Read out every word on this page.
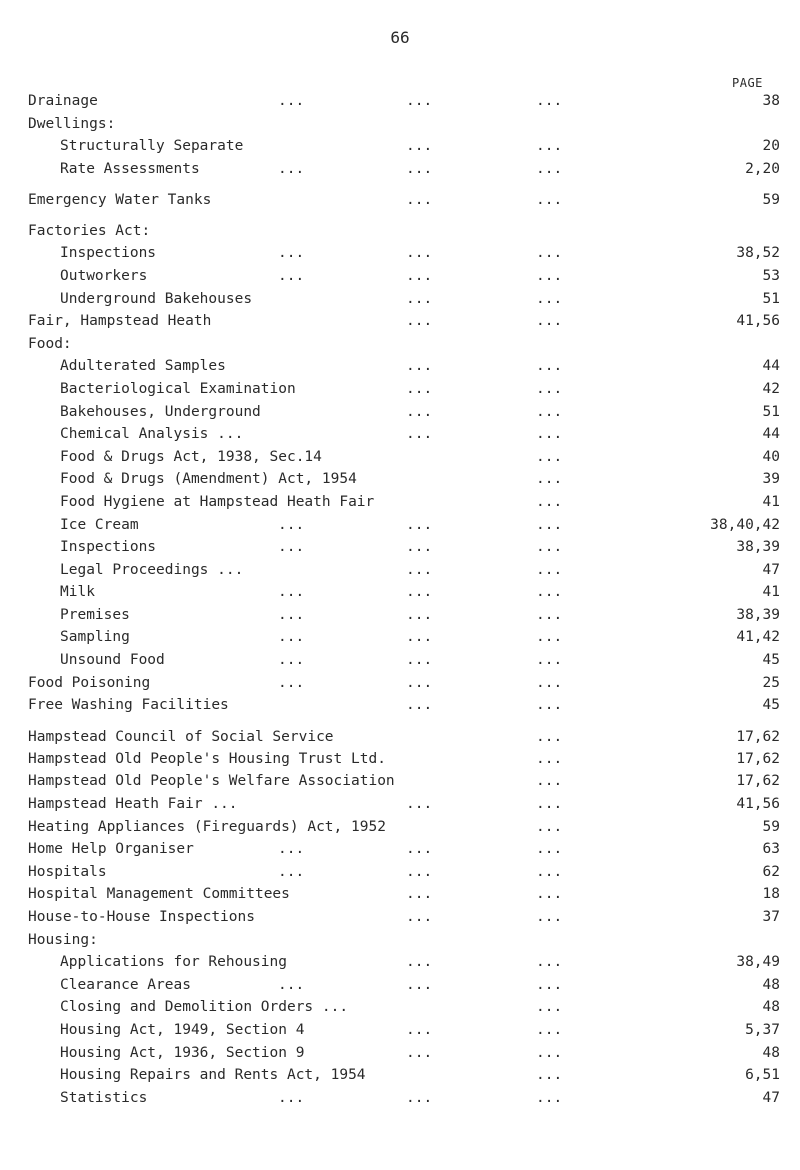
66
PAGE
Drainage	...	...	...	38
Dwellings:
Structurally Separate	...	...	20
Rate Assessments	...	...	...	2,20
Emergency Water Tanks	...	...	59
Factories Act:
Inspections	...	...	...	38,52
Outworkers	...	...	...	53
Underground Bakehouses	...	...	51
Fair, Hampstead Heath	...	...	41,56
Food:
Adulterated Samples	...	...	44
Bacteriological Examination	...	...	42
Bakehouses, Underground	...	...	51
Chemical Analysis ...	...	...	44
Food & Drugs Act, 1938, Sec.14	...	40
Food & Drugs (Amendment) Act, 1954	...	39
Food Hygiene at Hampstead Heath Fair	...	41
Ice Cream	...	...	...	38,40,42
Inspections	...	...	...	38,39
Legal Proceedings ...	...	...	47
Milk	...	...	...	41
Premises	...	...	...	38,39
Sampling	...	...	...	41,42
Unsound Food	...	...	...	45
Food Poisoning	...	...	...	25
Free Washing Facilities	...	...	45
Hampstead Council of Social Service	...	17,62
Hampstead Old People's Housing Trust Ltd.	...	17,62
Hampstead Old People's Welfare Association	...	17,62
Hampstead Heath Fair ...	...	...	41,56
Heating Appliances (Fireguards) Act, 1952	...	59
Home Help Organiser	...	...	...	63
Hospitals	...	...	...	62
Hospital Management Committees	...	...	18
House-to-House Inspections	...	...	37
Housing:
Applications for Rehousing	...	...	38,49
Clearance Areas	...	...	...	48
Closing and Demolition Orders ...	...	48
Housing Act, 1949, Section 4	...	...	5,37
Housing Act, 1936, Section 9	...	...	48
Housing Repairs and Rents Act, 1954	...	6,51
Statistics	...	...	...	47
